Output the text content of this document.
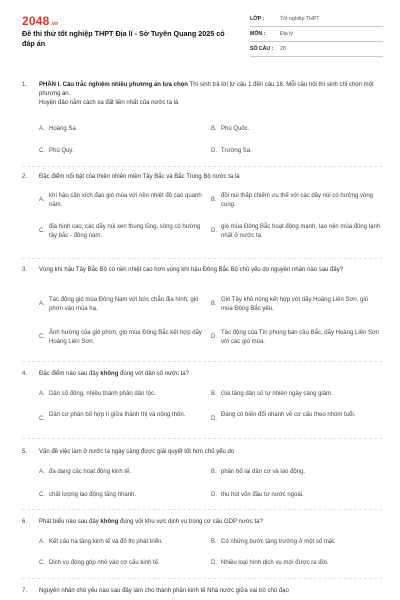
2048.vn
Đề thi thử tốt nghiệp THPT Địa lí - Sở Tuyên Quang 2025 có đáp án
LỚP :	Tốt nghiệp THPT
MÔN :	Địa lý
SỐ CÂU :	28
1.	PHẦN I. Câu trắc nghiệm nhiều phương án lựa chọn Thí sinh trả lời từ câu 1 đến câu 18. Mỗi câu hỏi thí sinh chỉ chọn một phương án.
Huyện đảo nằm cách xa đất liền nhất của nước ta là
A. Hoàng Sa.	B. Phú Quốc.
C. Phú Quý.	D. Trường Sa.
2.	Đặc điểm nổi bật của thiên nhiên miền Tây Bắc và Bắc Trung Bộ nước ta là
A.
khí hậu cận xích đạo gió mùa với nền nhiệt độ cao quanh năm.
B.
đồi núi thấp chiếm ưu thế với các dãy núi có hướng vòng cung.
C.
địa hình cao, các dãy núi xen thung lũng, sông có hướng tây bắc - đông nam.
D.
gió mùa Đông Bắc hoạt động mạnh, tạo nên mùa đông lạnh nhất ở nước ta.
3.	Vùng khí hậu Tây Bắc Bộ có nền nhiệt cao hơn vùng khí hậu Đông Bắc Bộ chủ yếu do nguyên nhân nào sau đây?
A.
Tác động gió mùa Đông Nam với bức chắn địa hình, gió phơn vào mùa hạ.
B.
Gió Tây khô nóng kết hợp với dãy Hoàng Liên Sơn, gió mùa Đông Bắc yếu.
C.
Ảnh hưởng của gió phơn, gió mùa Đông Bắc kết hợp dãy Hoàng Liên Sơn.
D.
Tác động của Tín phong bán cầu Bắc, dãy Hoàng Liên Sơn với các gió mùa.
4.	Đặc điểm nào sau đây không đúng với dân số nước ta?
A. Dân số đông, nhiều thành phần dân tộc.	B. Gia tăng dân số tự nhiên ngày càng giảm.
C.
Dân cư phân bố hợp lí giữa thành thị và nông thôn.
D.
Đang có biến đổi nhanh về cơ cấu theo nhóm tuổi.
5.	Vấn đề việc làm ở nước ta ngày càng được giải quyết tốt hơn chủ yếu do
A. đa dạng các hoạt động kinh tế.	B. phân bố lại dân cư và lao động.
C. chất lượng lao động tăng nhanh.	D. thu hút vốn đầu tư nước ngoài.
6.	Phát biểu nào sau đây không đúng với khu vực dịch vụ trong cơ cấu GDP nước ta?
A. Kết cấu hạ tầng kinh tế và đô thị phát triển.	B. Có những bước tăng trưởng ở một số mặt.
C. Dịch vụ đóng góp nhỏ vào cơ cấu kinh tế.	D. Nhiều loại hình dịch vụ mới được ra đời.
7.	Nguyên nhân chủ yếu nào sau đây làm cho thành phần kinh tế Nhà nước giữa vai trò chủ đạo
